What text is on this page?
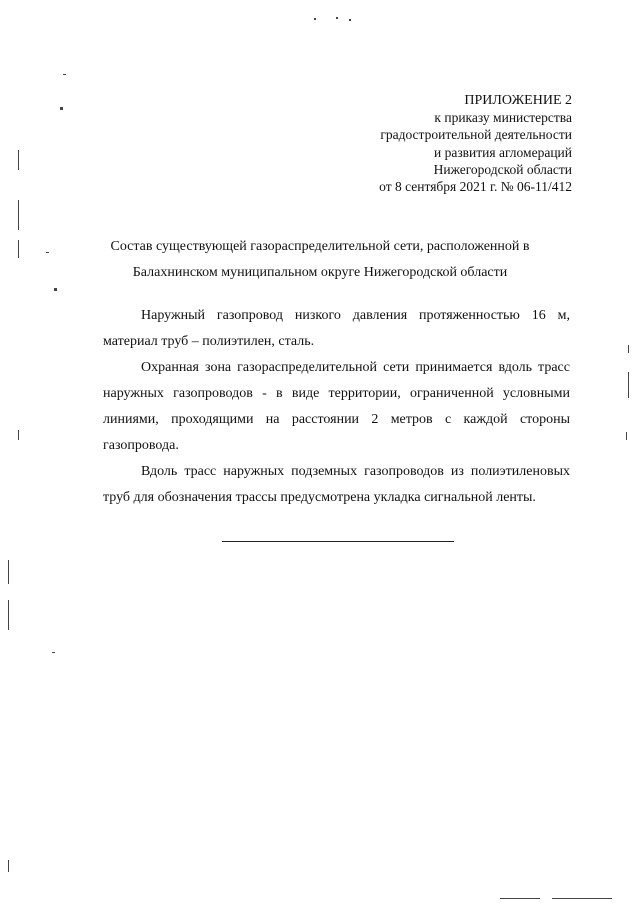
ПРИЛОЖЕНИЕ 2
к приказу министерства
градостроительной деятельности
и развития агломераций
Нижегородской области
от 8 сентября 2021 г. № 06-11/412
Состав существующей газораспределительной сети, расположенной в
Балахнинском муниципальном округе Нижегородской области

Наружный газопровод низкого давления протяженностью 16 м, материал труб – полиэтилен, сталь.

Охранная зона газораспределительной сети принимается вдоль трасс наружных газопроводов - в виде территории, ограниченной условными линиями, проходящими на расстоянии 2 метров с каждой стороны газопровода.

Вдоль трасс наружных подземных газопроводов из полиэтиленовых труб для обозначения трассы предусмотрена укладка сигнальной ленты.
